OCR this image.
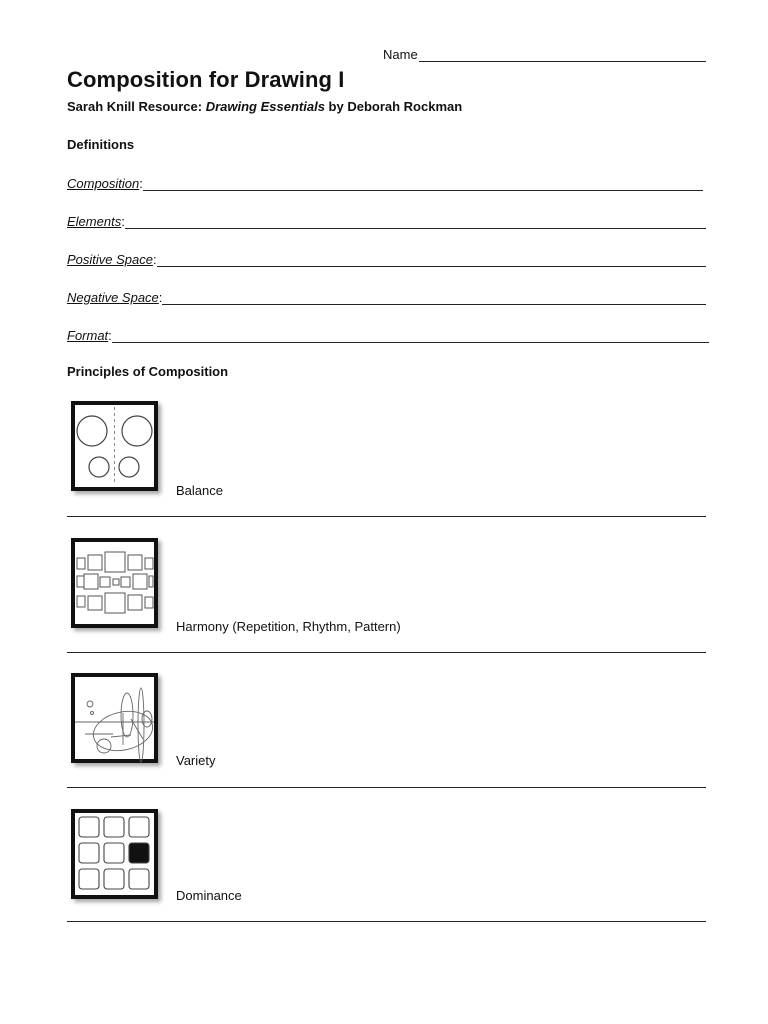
Name
Composition for Drawing I
Sarah Knill Resource: Drawing Essentials by Deborah Rockman
Definitions
Composition :
Elements :
Positive Space :
Negative Space :
Format :
Principles of Composition
Balance
Harmony (Repetition, Rhythm, Pattern)
Variety
Dominance
